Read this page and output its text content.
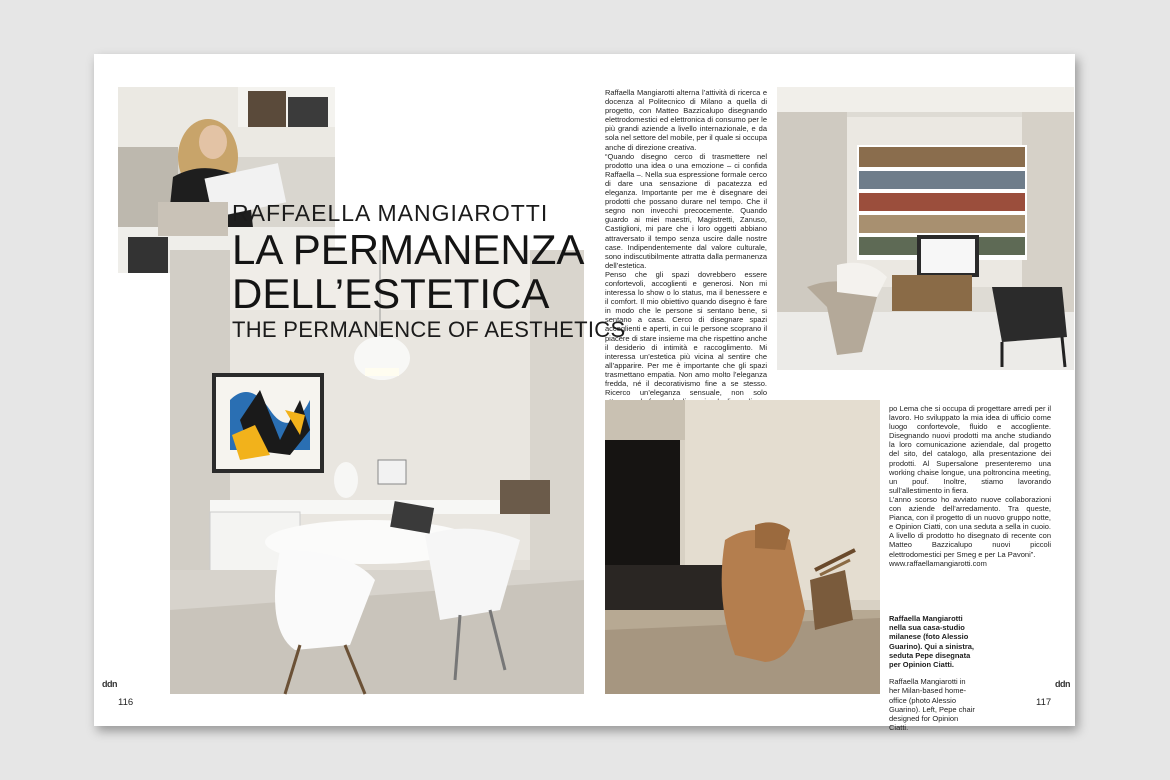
RAFFAELLA MANGIAROTTI
LA PERMANENZA
DELL’ESTETICA
THE PERMANENCE OF AESTHETICS

Raffaella Mangiarotti alterna l’attività di ricerca e docenza al Politecnico di Milano a quella di progetto, con Matteo Bazzicalupo disegnando elettrodomestici ed elettronica di consumo per le più grandi aziende a livello internazionale, e da sola nel settore del mobile, per il quale si occupa anche di direzione creativa.

“Quando disegno cerco di trasmettere nel prodotto una idea o una emozione – ci confida Raffaella –. Nella sua espressione formale cerco di dare una sensazione di pacatezza ed eleganza. Importante per me è disegnare dei prodotti che possano durare nel tempo. Che il segno non invecchi precocemente. Quando guardo ai miei maestri, Magistretti, Zanuso, Castiglioni, mi pare che i loro oggetti abbiano attraversato il tempo senza uscire dalle nostre case. Indipendentemente dal valore culturale, sono indiscutibilmente attratta dalla permanenza dell’estetica.

Penso che gli spazi dovrebbero essere confortevoli, accoglienti e generosi. Non mi interessa lo show o lo status, ma il benessere e il comfort. Il mio obiettivo quando disegno è fare in modo che le persone si sentano bene, si sentano a casa. Cerco di disegnare spazi accoglienti e aperti, in cui le persone scoprano il piacere di stare insieme ma che rispettino anche il desiderio di intimità e raccoglimento. Mi interessa un’estetica più vicina al sentire che all’apparire. Per me è importante che gli spazi trasmettano empatia. Non amo molto l’eleganza fredda, né il decorativismo fine a se stesso. Ricerco un’eleganza sensuale, non solo

po Lema che si occupa di progettare arredi per il lavoro. Ho sviluppato la mia idea di ufficio come luogo confortevole, fluido e accogliente. Disegnando nuovi prodotti ma anche studiando la loro comunicazione aziendale, dal progetto del sito, del catalogo, alla presentazione dei prodotti. Al Supersalone presenteremo una working chaise longue, una poltroncina meeting, un pouf. Inoltre, stiamo lavorando sull’allestimento in fiera.

L’anno scorso ho avviato nuove collaborazioni con aziende dell’arredamento. Tra queste, Pianca, con il progetto di un nuovo gruppo notte, e Opinion Ciatti, con una seduta a sella in cuoio. A livello di prodotto ho disegnato di recente con Matteo Bazzicalupo nuovi piccoli elettrodomestici per Smeg e per La Pavoni”.

www.raffaellamangiarotti.com

Raffaella Mangiarotti nella sua casa-studio milanese (foto Alessio Guarino). Qui a sinistra, seduta Pepe disegnata per Opinion Ciatti.

Raffaella Mangiarotti in her Milan-based home-office (photo Alessio Guarino). Left, Pepe chair designed for Opinion Ciatti.

ddn
116
ddn
117
